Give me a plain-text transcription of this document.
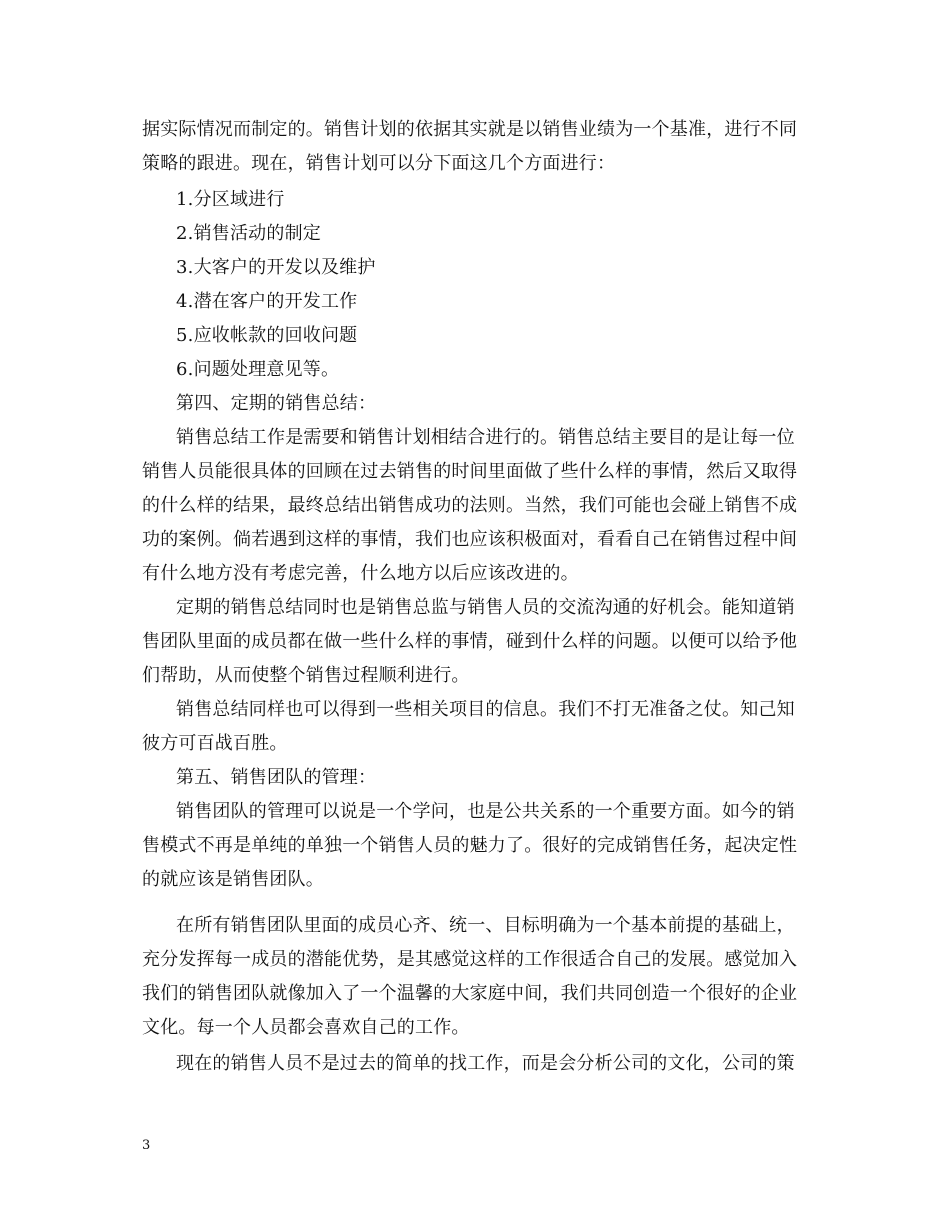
据实际情况而制定的。销售计划的依据其实就是以销售业绩为一个基准，进行不同
策略的跟进。现在，销售计划可以分下面这几个方面进行：
1.分区域进行
2.销售活动的制定
3.大客户的开发以及维护
4.潜在客户的开发工作
5.应收帐款的回收问题
6.问题处理意见等。
第四、定期的销售总结：
销售总结工作是需要和销售计划相结合进行的。销售总结主要目的是让每一位
销售人员能很具体的回顾在过去销售的时间里面做了些什么样的事情，然后又取得
的什么样的结果，最终总结出销售成功的法则。当然，我们可能也会碰上销售不成
功的案例。倘若遇到这样的事情，我们也应该积极面对，看看自己在销售过程中间
有什么地方没有考虑完善，什么地方以后应该改进的。
定期的销售总结同时也是销售总监与销售人员的交流沟通的好机会。能知道销
售团队里面的成员都在做一些什么样的事情，碰到什么样的问题。以便可以给予他
们帮助，从而使整个销售过程顺利进行。
销售总结同样也可以得到一些相关项目的信息。我们不打无准备之仗。知己知
彼方可百战百胜。
第五、销售团队的管理：
销售团队的管理可以说是一个学问，也是公共关系的一个重要方面。如今的销
售模式不再是单纯的单独一个销售人员的魅力了。很好的完成销售任务，起决定性
的就应该是销售团队。
在所有销售团队里面的成员心齐、统一、目标明确为一个基本前提的基础上，
充分发挥每一成员的潜能优势，是其感觉这样的工作很适合自己的发展。感觉加入
我们的销售团队就像加入了一个温馨的大家庭中间，我们共同创造一个很好的企业
文化。每一个人员都会喜欢自己的工作。
现在的销售人员不是过去的简单的找工作，而是会分析公司的文化，公司的策
3
